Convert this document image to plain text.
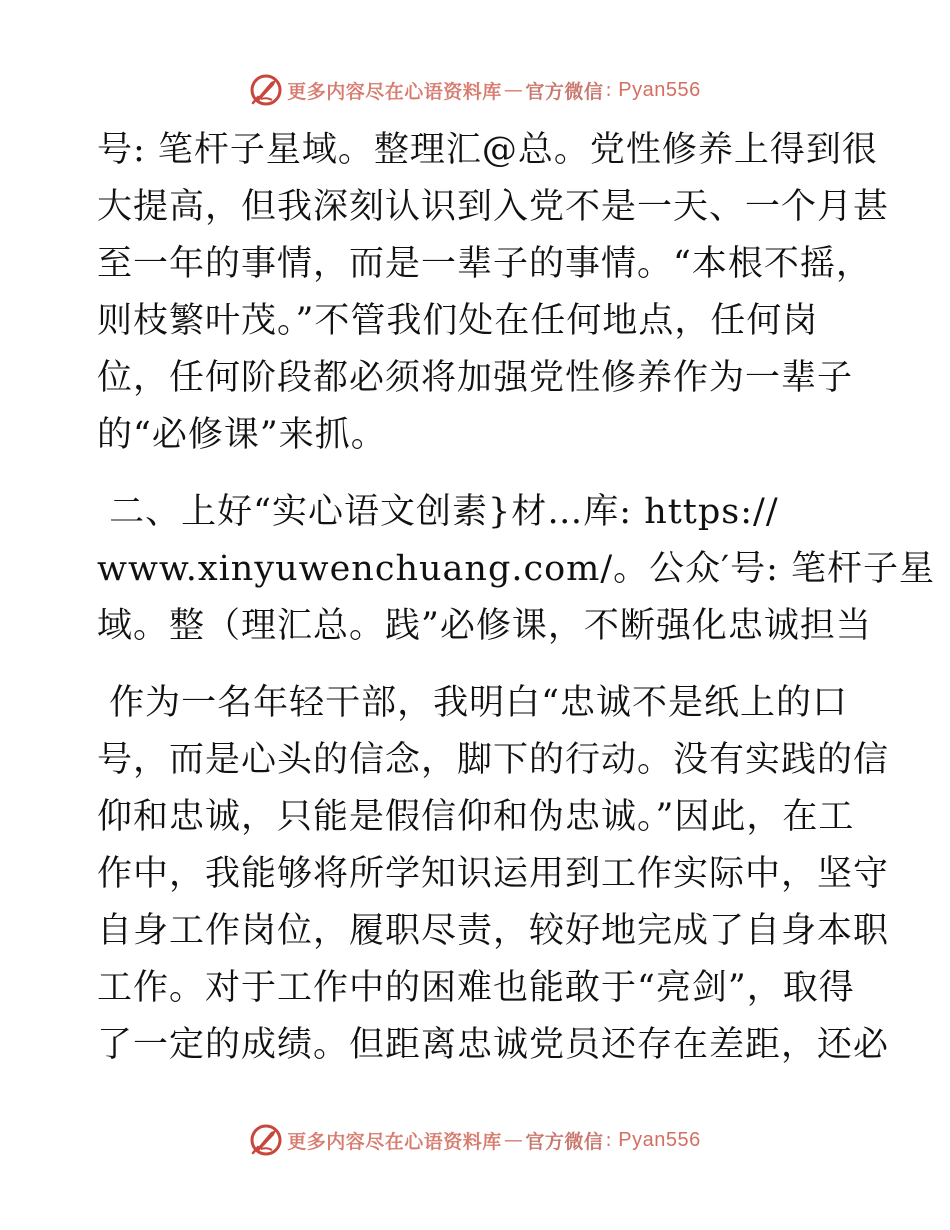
更多内容尽在心语资料库 — 官方微信 : Pyan556
号: 笔杆子星域。整理汇@总。党性修养上得到很
大提高，但我深刻认识到入党不是一天、一个月甚
至一年的事情，而是一辈子的事情。“本根不摇，
则枝繁叶茂。”不管我们处在任何地点，任何岗
位，任何阶段都必须将加强党性修养作为一辈子
的“必修课”来抓。
二、上好“实心语文创素}材…库: https://
www.xinyuwenchuang.com/。公众′号: 笔杆子星
域。整（理汇总。践”必修课，不断强化忠诚担当
作为一名年轻干部，我明白“忠诚不是纸上的口
号，而是心头的信念，脚下的行动。没有实践的信
仰和忠诚，只能是假信仰和伪忠诚。”因此，在工
作中，我能够将所学知识运用到工作实际中，坚守
自身工作岗位，履职尽责，较好地完成了自身本职
工作。对于工作中的困难也能敢于“亮剑”，取得
了一定的成绩。但距离忠诚党员还存在差距，还必
更多内容尽在心语资料库 — 官方微信 : Pyan556
